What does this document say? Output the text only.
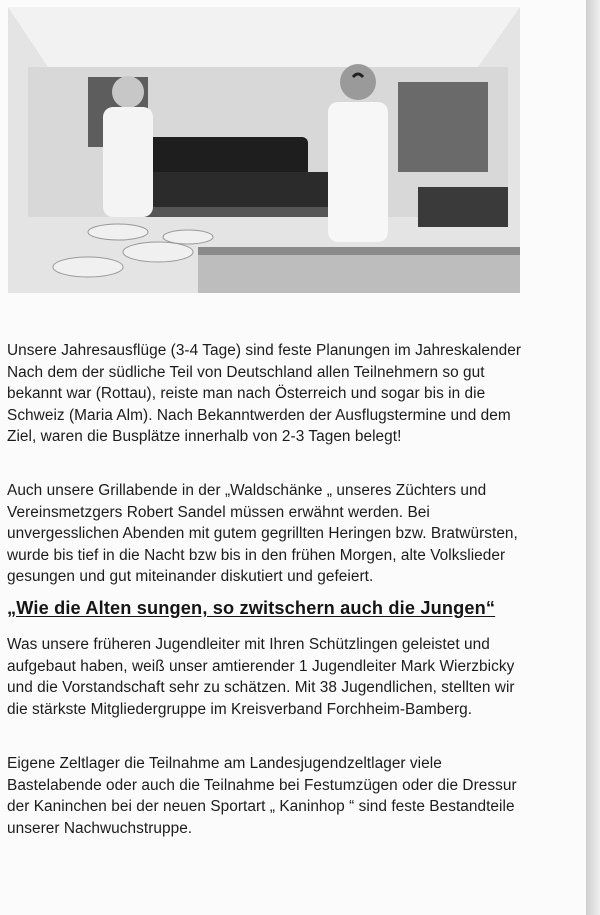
Unsere Jahresausflüge (3-4 Tage) sind feste Planungen im Jahreskalender Nach dem der südliche Teil von Deutschland allen Teilnehmern so gut bekannt war (Rottau), reiste man nach Österreich und sogar bis in die Schweiz (Maria Alm). Nach Bekanntwerden der Ausflugstermine und dem Ziel, waren die Busplätze innerhalb von 2-3 Tagen belegt!
Auch unsere Grillabende in der „Waldschänke „ unseres Züchters und Vereinsmetzgers Robert Sandel müssen erwähnt werden. Bei unvergesslichen Abenden mit gutem gegrillten Heringen bzw. Bratwürsten, wurde bis tief in die Nacht bzw bis in den frühen Morgen, alte Volkslieder gesungen und gut miteinander diskutiert und gefeiert.
„Wie die Alten sungen, so zwitschern auch die Jungen“
Was unsere früheren Jugendleiter mit Ihren Schützlingen geleistet und aufgebaut haben, weiß unser amtierender 1 Jugendleiter Mark Wierzbicky und die Vorstandschaft sehr zu schätzen. Mit 38 Jugendlichen, stellten wir die stärkste Mitgliedergruppe im Kreisverband Forchheim-Bamberg.
Eigene Zeltlager die Teilnahme am Landesjugendzeltlager viele Bastelabende oder auch die Teilnahme bei Festumzügen oder die Dressur der Kaninchen bei der neuen Sportart „ Kaninhop “ sind feste Bestandteile unserer Nachwuchstruppe.
